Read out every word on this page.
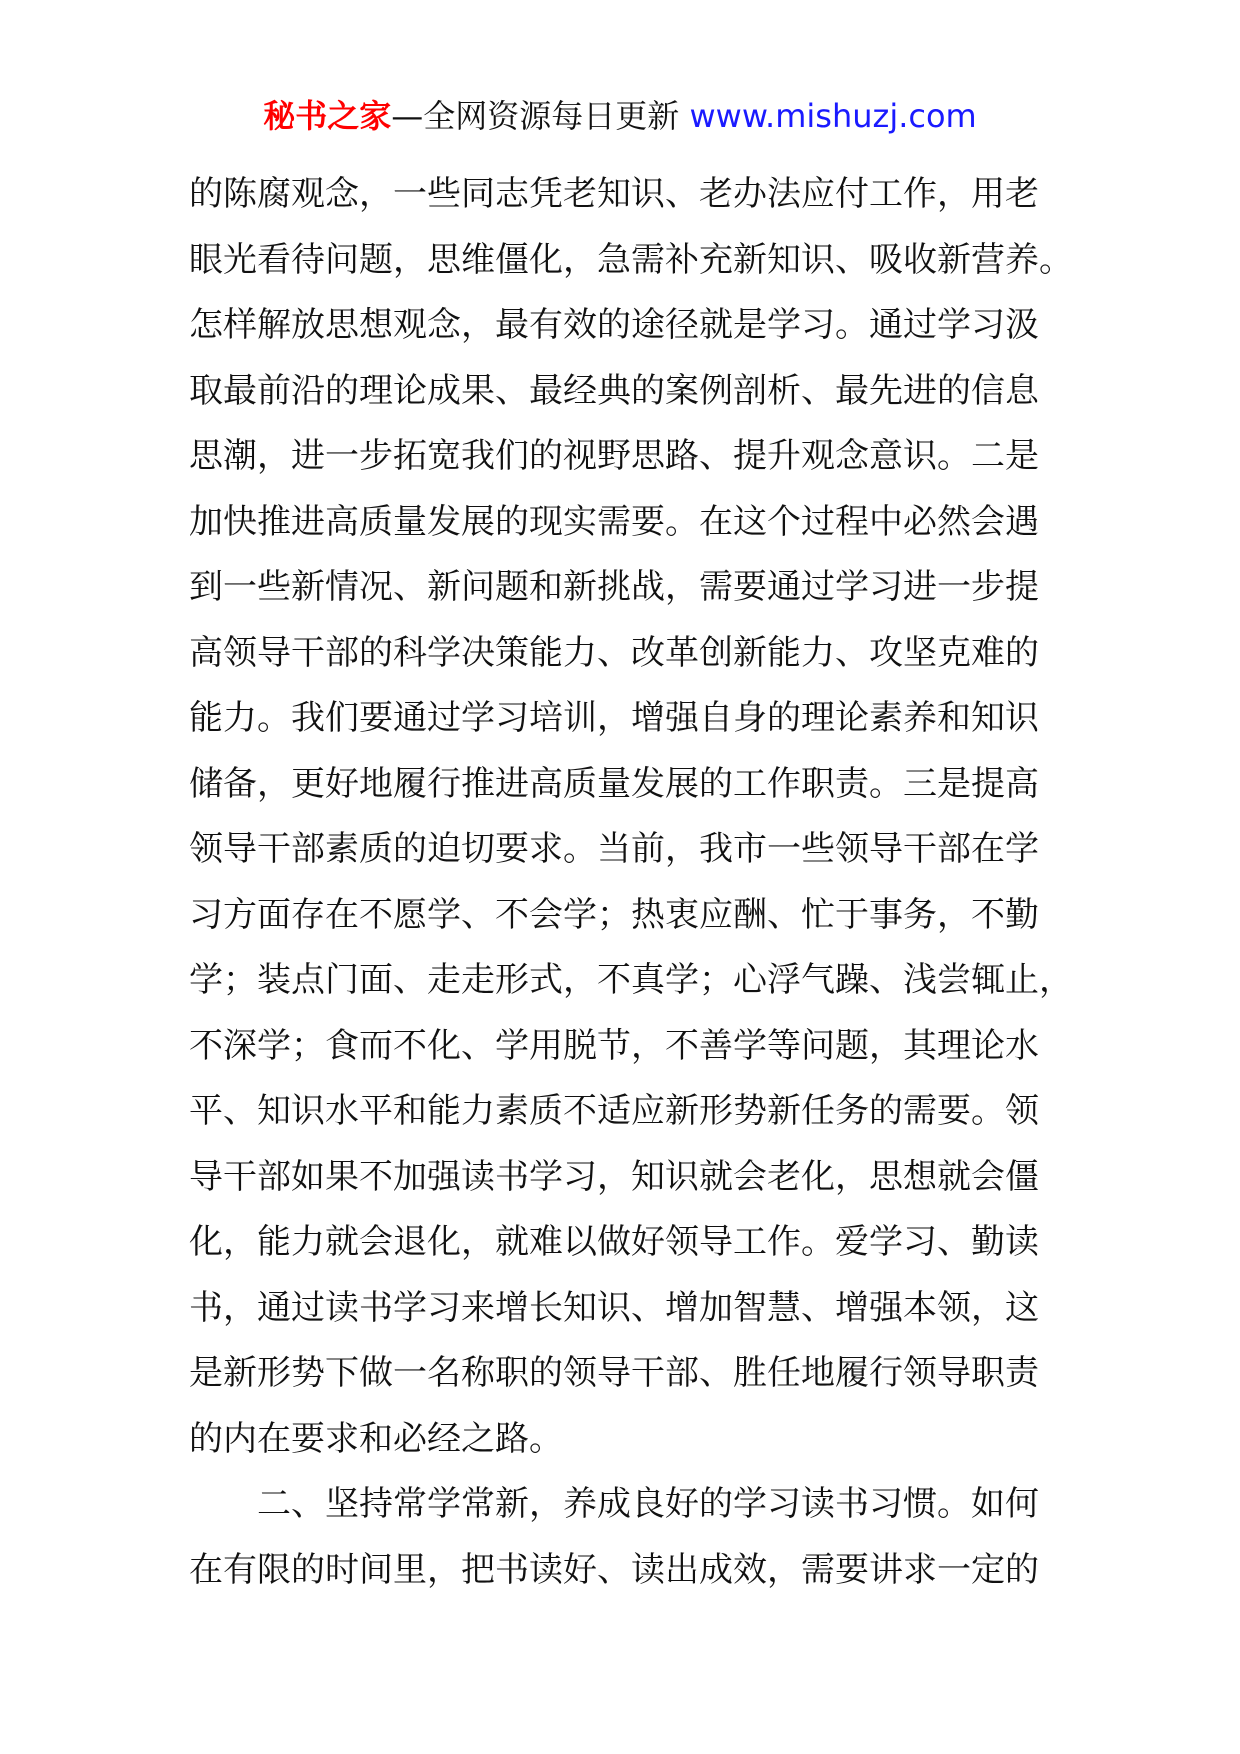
秘书之家—全网资源每日更新 www.mishuzj.com
的陈腐观念，一些同志凭老知识、老办法应付工作，用老
眼光看待问题，思维僵化，急需补充新知识、吸收新营养。
怎样解放思想观念，最有效的途径就是学习。通过学习汲
取最前沿的理论成果、最经典的案例剖析、最先进的信息
思潮，进一步拓宽我们的视野思路、提升观念意识。二是
加快推进高质量发展的现实需要。在这个过程中必然会遇
到一些新情况、新问题和新挑战，需要通过学习进一步提
高领导干部的科学决策能力、改革创新能力、攻坚克难的
能力。我们要通过学习培训，增强自身的理论素养和知识
储备，更好地履行推进高质量发展的工作职责。三是提高
领导干部素质的迫切要求。当前，我市一些领导干部在学
习方面存在不愿学、不会学；热衷应酬、忙于事务，不勤
学；装点门面、走走形式，不真学；心浮气躁、浅尝辄止，
不深学；食而不化、学用脱节，不善学等问题，其理论水
平、知识水平和能力素质不适应新形势新任务的需要。领
导干部如果不加强读书学习，知识就会老化，思想就会僵
化，能力就会退化，就难以做好领导工作。爱学习、勤读
书，通过读书学习来增长知识、增加智慧、增强本领，这
是新形势下做一名称职的领导干部、胜任地履行领导职责
的内在要求和必经之路。
二、坚持常学常新，养成良好的学习读书习惯。如何
在有限的时间里，把书读好、读出成效，需要讲求一定的
